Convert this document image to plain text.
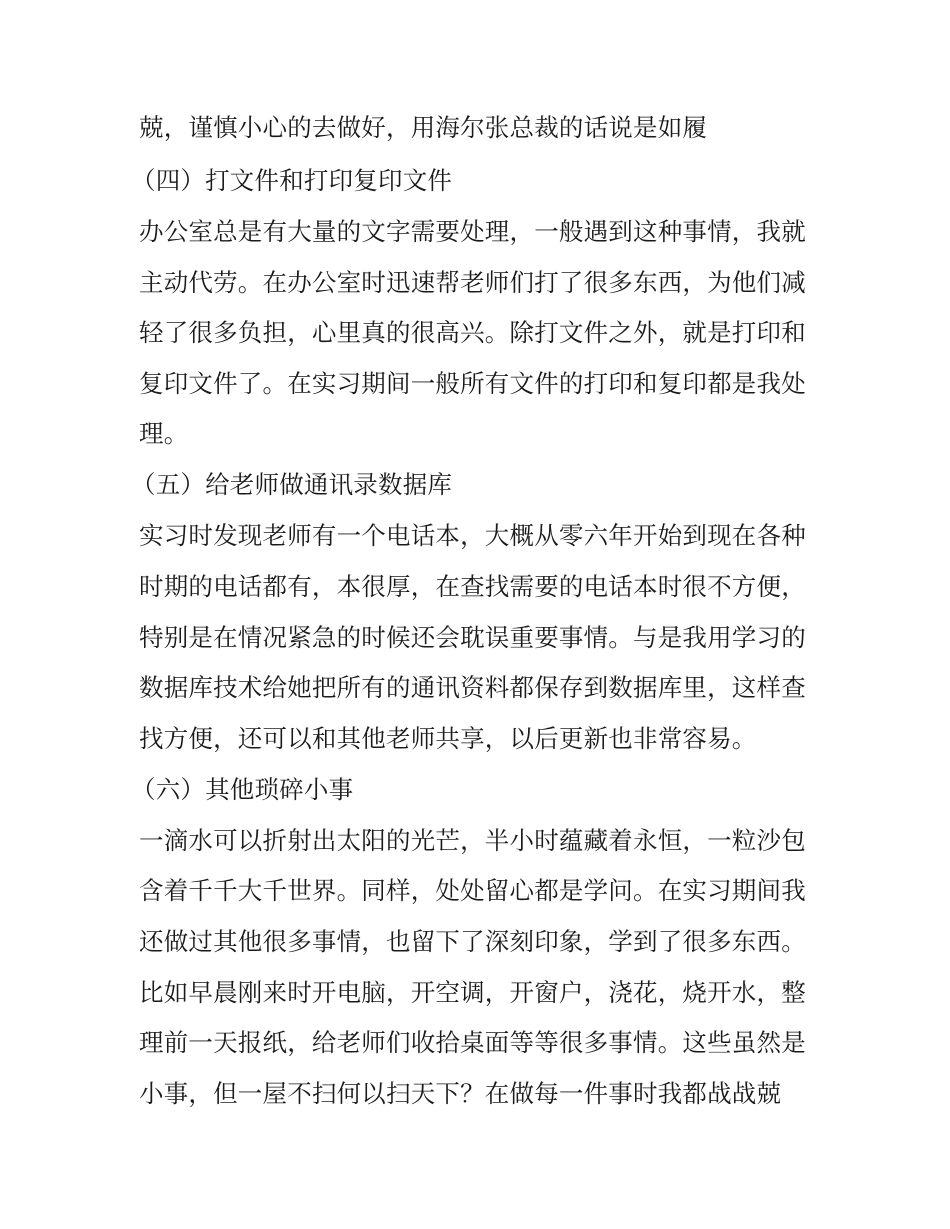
兢，谨慎小心的去做好，用海尔张总裁的话说是如履
（四）打文件和打印复印文件
办公室总是有大量的文字需要处理，一般遇到这种事情，我就
主动代劳。在办公室时迅速帮老师们打了很多东西，为他们减
轻了很多负担，心里真的很高兴。除打文件之外，就是打印和
复印文件了。在实习期间一般所有文件的打印和复印都是我处
理。
（五）给老师做通讯录数据库
实习时发现老师有一个电话本，大概从零六年开始到现在各种
时期的电话都有，本很厚，在查找需要的电话本时很不方便，
特别是在情况紧急的时候还会耽误重要事情。与是我用学习的
数据库技术给她把所有的通讯资料都保存到数据库里，这样查
找方便，还可以和其他老师共享，以后更新也非常容易。
（六）其他琐碎小事
一滴水可以折射出太阳的光芒，半小时蕴藏着永恒，一粒沙包
含着千千大千世界。同样，处处留心都是学问。在实习期间我
还做过其他很多事情，也留下了深刻印象，学到了很多东西。
比如早晨刚来时开电脑，开空调，开窗户，浇花，烧开水，整
理前一天报纸，给老师们收拾桌面等等很多事情。这些虽然是
小事，但一屋不扫何以扫天下？在做每一件事时我都战战兢
